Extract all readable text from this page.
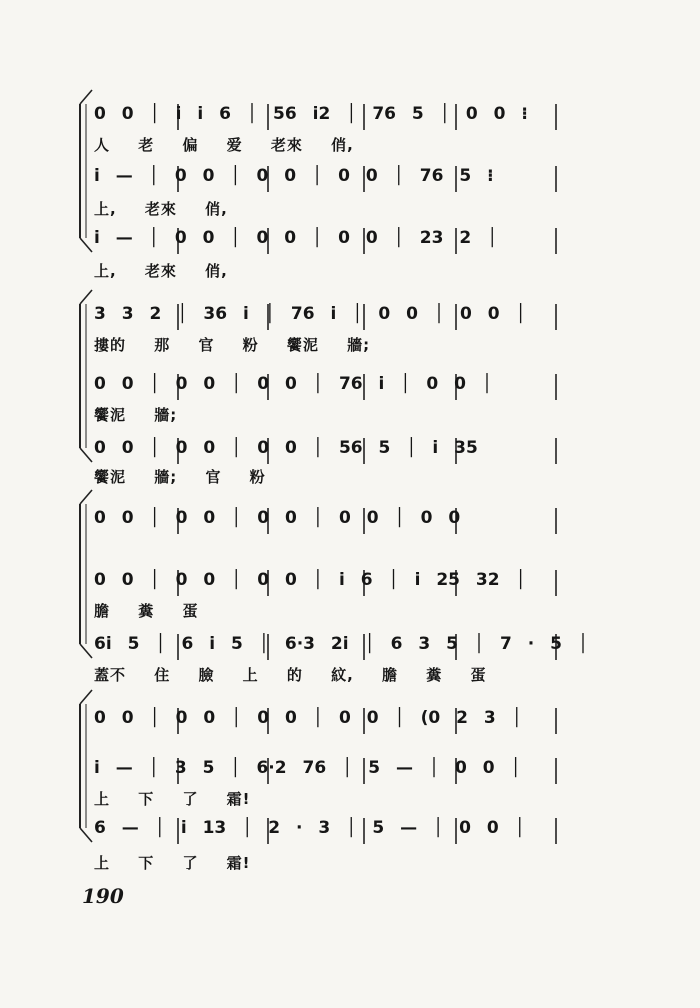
0 0 │ i i 6 │ 56 i2 │ 76 5 │ 0 0 ⁝
人 老 偏 爱 老來 俏,
i — │ 0 0 │ 0 0 │ 0 0 │ 76 5 ⁝
上, 老來 俏,
i — │ 0 0 │ 0 0 │ 0 0 │ 23 2 │
上, 老來 俏,
3 3 2 │ 36 i │ 76 i │ 0 0 │ 0 0 │
摟的 那 官 粉 饗泥 牆;
0 0 │ 0 0 │ 0 0 │ 76 i │ 0 0 │
饗泥 牆;
0 0 │ 0 0 │ 0 0 │ 56 5 │ i 35
饗泥 牆; 官 粉
0 0 │ 0 0 │ 0 0 │ 0 0 │ 0 0
0 0 │ 0 0 │ 0 0 │ i 6 │ i 25 32 │
膽 糞 蛋
6i 5 │ 6 i 5 │ 6·3 2i │ 6 3 5 │ 7 · 5 │
蓋不 住 臉 上 的 紋, 膽 糞 蛋
0 0 │ 0 0 │ 0 0 │ 0 0 │ (0 2 3 │
i — │ 3 5 │ 6·2 76 │ 5 — │ 0 0 │
上 下 了 霜!
6 — │ i 13 │ 2 · 3 │ 5 — │ 0 0 │
上 下 了 霜!
190
